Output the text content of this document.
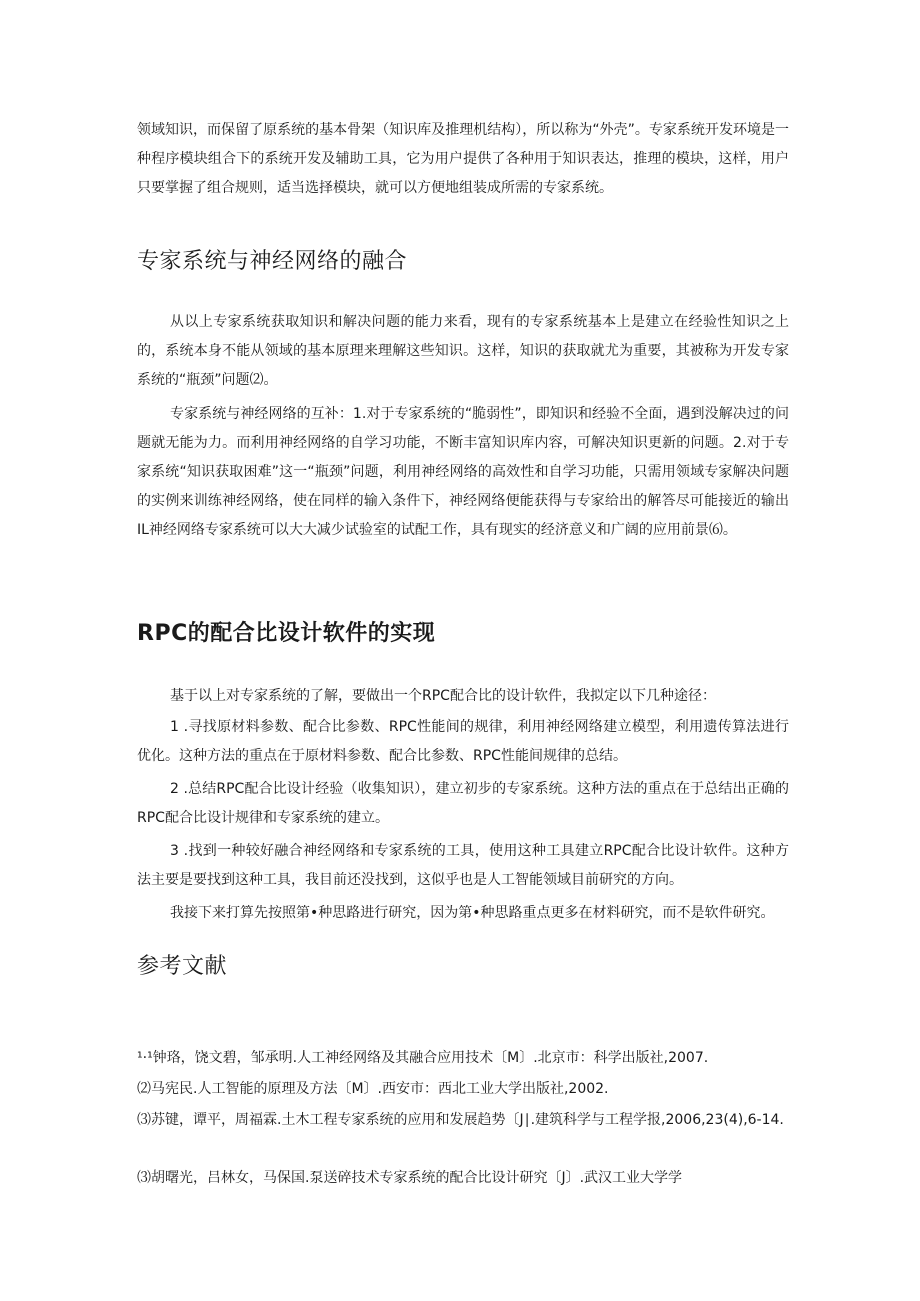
领域知识，而保留了原系统的基本骨架（知识库及推理机结构），所以称为“外壳”。专家系统开发环境是一种程序模块组合下的系统开发及辅助工具，它为用户提供了各种用于知识表达，推理的模块，这样，用户只要掌握了组合规则，适当选择模块，就可以方便地组装成所需的专家系统。

专家系统与神经网络的融合

从以上专家系统获取知识和解决问题的能力来看，现有的专家系统基本上是建立在经验性知识之上的，系统本身不能从领域的基本原理来理解这些知识。这样，知识的获取就尤为重要，其被称为开发专家系统的“瓶颈”问题⑵。

专家系统与神经网络的互补：1.对于专家系统的“脆弱性”，即知识和经验不全面，遇到没解决过的问题就无能为力。而利用神经网络的自学习功能，不断丰富知识库内容，可解决知识更新的问题。2.对于专家系统“知识获取困难”这一“瓶颈”问题，利用神经网络的高效性和自学习功能，只需用领域专家解决问题的实例来训练神经网络，使在同样的输入条件下，神经网络便能获得与专家给出的解答尽可能接近的输出IL神经网络专家系统可以大大减少试验室的试配工作，具有现实的经济意义和广阔的应用前景⑹。

RPC的配合比设计软件的实现

基于以上对专家系统的了解，要做出一个RPC配合比的设计软件，我拟定以下几种途径：

1 .寻找原材料参数、配合比参数、RPC性能间的规律，利用神经网络建立模型，利用遗传算法进行优化。这种方法的重点在于原材料参数、配合比参数、RPC性能间规律的总结。

2 .总结RPC配合比设计经验（收集知识），建立初步的专家系统。这种方法的重点在于总结出正确的RPC配合比设计规律和专家系统的建立。

3 .找到一种较好融合神经网络和专家系统的工具，使用这种工具建立RPC配合比设计软件。这种方法主要是要找到这种工具，我目前还没找到，这似乎也是人工智能领域目前研究的方向。

我接下来打算先按照第•种思路进行研究，因为第•种思路重点更多在材料研究，而不是软件研究。

参考文献

¹·¹钟珞，饶文碧，邹承明.人工神经网络及其融合应用技术〔M〕.北京市：科学出版社,2007.

⑵马宪民.人工智能的原理及方法〔M〕.西安市：西北工业大学出版社,2002.

⑶苏键，谭平，周福霖.土木工程专家系统的应用和发展趋势〔J∣.建筑科学与工程学报,2006,23(4),6-14.

⑶胡曙光，吕林女，马保国.泵送碎技术专家系统的配合比设计研究〔J〕.武汉工业大学学
